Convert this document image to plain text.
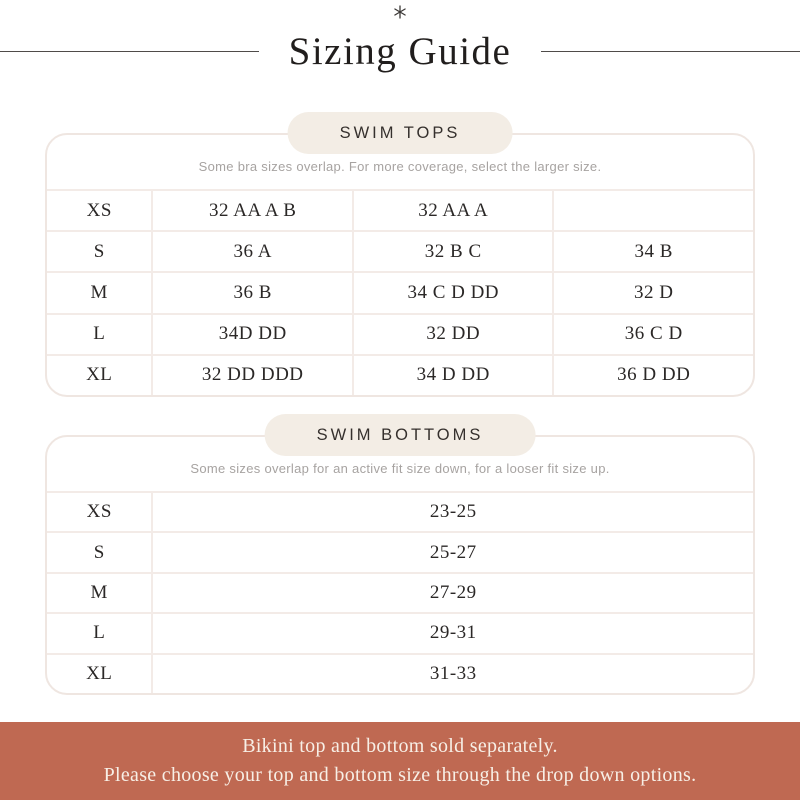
Sizing Guide
SWIM TOPS
Some bra sizes overlap. For more coverage, select the larger size.
XS	32 AA A B	32 AA A
S	36 A	32 B C	34 B
M	36 B	34 C D DD	32 D
L	34D DD	32 DD	36 C D
XL	32 DD DDD	34 D DD	36 D DD
SWIM BOTTOMS
Some sizes overlap for an active fit size down, for a looser fit size up.
XS	23-25
S	25-27
M	27-29
L	29-31
XL	31-33
Bikini top and bottom sold separately.
Please choose your top and bottom size through the drop down options.
